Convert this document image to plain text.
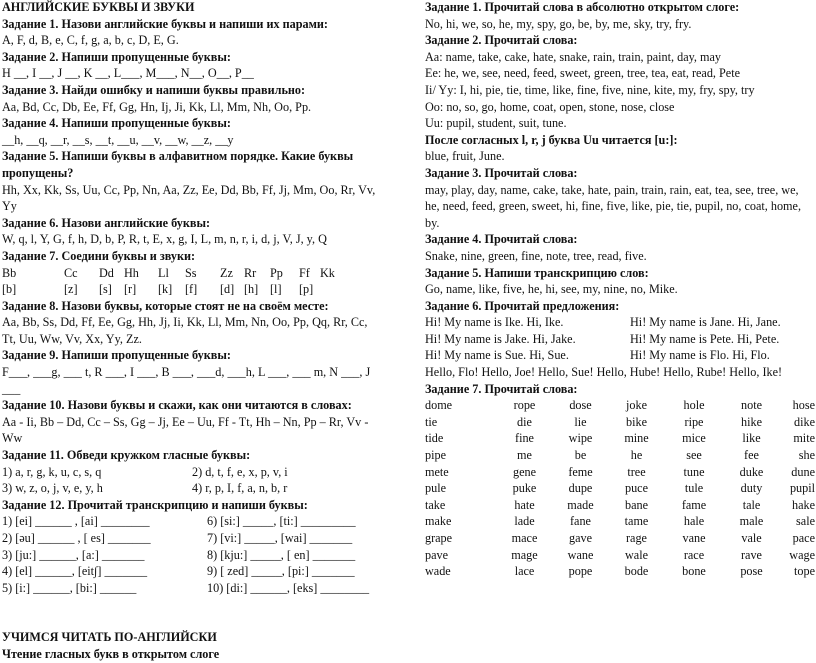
АНГЛИЙСКИЕ БУКВЫ И ЗВУКИ
Задание 1. Назови английские буквы и напиши их парами:
A, F, d, B, e, C, f, g, a, b, c, D, E, G.
Задание 2. Напиши пропущенные буквы:
H __, I __, J __, K __, L___, M___, N__, O__, P__
Задание 3. Найди ошибку и напиши буквы правильно:
Aa, Bd, Cc, Db, Ee, Ff, Gg, Hn, Ij, Ji, Kk, Ll, Mm, Nh, Oo, Pp.
Задание 4. Напиши пропущенные буквы:
__h, __q, __r, __s, __t, __u, __v, __w, __z, __y
Задание 5. Напиши буквы в алфавитном порядке. Какие буквы
пропущены?
Hh, Xx, Kk, Ss, Uu, Cc, Pp, Nn, Aa, Zz, Ee, Dd, Bb, Ff, Jj, Mm, Oo, Rr, Vv,
Yy
Задание 6. Назови английские буквы:
W, q, l, Y, G, f, h, D, b, P, R, t, E, x, g, I, L, m, n, r, i, d, j, V, J, y, Q
Задание 7. Соедини буквы и звуки:
Bb	Cc	Dd Hh	Ll	Ss	Zz Rr	Pp	Ff Kk
[b]	[z]	[s] [r]	[k]	[f]	[d] [h] [l]	[p]
Задание 8. Назови буквы, которые стоят не на своём месте:
Aa, Bb, Ss, Dd, Ff, Ee, Gg, Hh, Jj, Ii, Kk, Ll, Mm, Nn, Oo, Pp, Qq, Rr, Cc,
Tt, Uu, Ww, Vv, Xx, Yy, Zz.
Задание 9. Напиши пропущенные буквы:
F___, ___g, ___ t, R ___, I ___, B ___, ___d, ___h, L ___, ___ m, N ___, J
___
Задание 10. Назови буквы и скажи, как они читаются в словах:
Aa - Ii, Bb – Dd, Cc – Ss, Gg – Jj, Ee – Uu, Ff - Tt, Hh – Nn, Pp – Rr, Vv -
Ww
Задание 11. Обведи кружком гласные буквы:
1) a, r, g, k, u, c, s, q	2) d, t, f, e, x, p, v, i
3) w, z, o, j, v, e, y, h	4) r, p, I, f, a, n, b, r
Задание 12. Прочитай транскрипцию и напиши буквы:
1) [ei] ______ , [ai] ________	6) [si:] _____, [ti:] _________
2) [əu] ______ , [ es] _______	7) [vi:] _____, [wai] _______
3) [ju:] ______, [a:] _______	8) [kju:] _____, [ en] _______
4) [el] ______, [eit∫] _______	9) [ zed] _____, [pi:] _______
5) [i:] ______, [bi:] ______	10) [di:] ______, [eks] ________
УЧИМСЯ ЧИТАТЬ ПО-АНГЛИЙСКИ
Чтение гласных букв в открытом слоге
Задание 1. Прочитай слова в абсолютно открытом слоге:
No, hi, we, so, he, my, spy, go, be, by, me, sky, try, fry.
Задание 2. Прочитай слова:
Aa: name, take, cake, hate, snake, rain, train, paint, day, may
Ee: he, we, see, need, feed, sweet, green, tree, tea, eat, read, Pete
Ii/ Yy: I, hi, pie, tie, time, like, fine, five, nine, kite, my, fry, spy, try
Oo: no, so, go, home, coat, open, stone, nose, close
Uu: pupil, student, suit, tune.
После согласных l, r, j буква Uu читается [u:]:
blue, fruit, June.
Задание 3. Прочитай слова:
may, play, day, name, cake, take, hate, pain, train, rain, eat, tea, see, tree, we, he, need, feed, green, sweet, hi, fine, five, like, pie, tie, pupil, no, coat, home, by.
Задание 4. Прочитай слова:
Snake, nine, green, fine, note, tree, read, five.
Задание 5. Напиши транскрипцию слов:
Go, name, like, five, he, hi, see, my, nine, no, Mike.
Задание 6. Прочитай предложения:
Hi! My name is Ike. Hi, Ike.	Hi! My name is Jane. Hi, Jane.
Hi! My name is Jake. Hi, Jake.	Hi! My name is Pete. Hi, Pete.
Hi! My name is Sue. Hi, Sue.	Hi! My name is Flo. Hi, Flo.
Hello, Flo! Hello, Joe! Hello, Sue! Hello, Hube! Hello, Rube! Hello, Ike!
Задание 7. Прочитай слова:
dome	rope	dose	joke	hole	note	hose
tie	die	lie	bike	ripe	hike	dike
tide	fine	wipe	mine	mice	like	mite
pipe	me	be	he	see	fee	she
mete	gene	feme	tree	tune	duke	dune
pule	puke	dupe	puce	tule	duty	pupil
take	hate	made	bane	fame	tale	hake
make	lade	fane	tame	hale	male	sale
grape	mace	gave	rage	vane	vale	pace
pave	mage	wane	wale	race	rave	wage
wade	lace	pope	bode	bone	pose	tope
